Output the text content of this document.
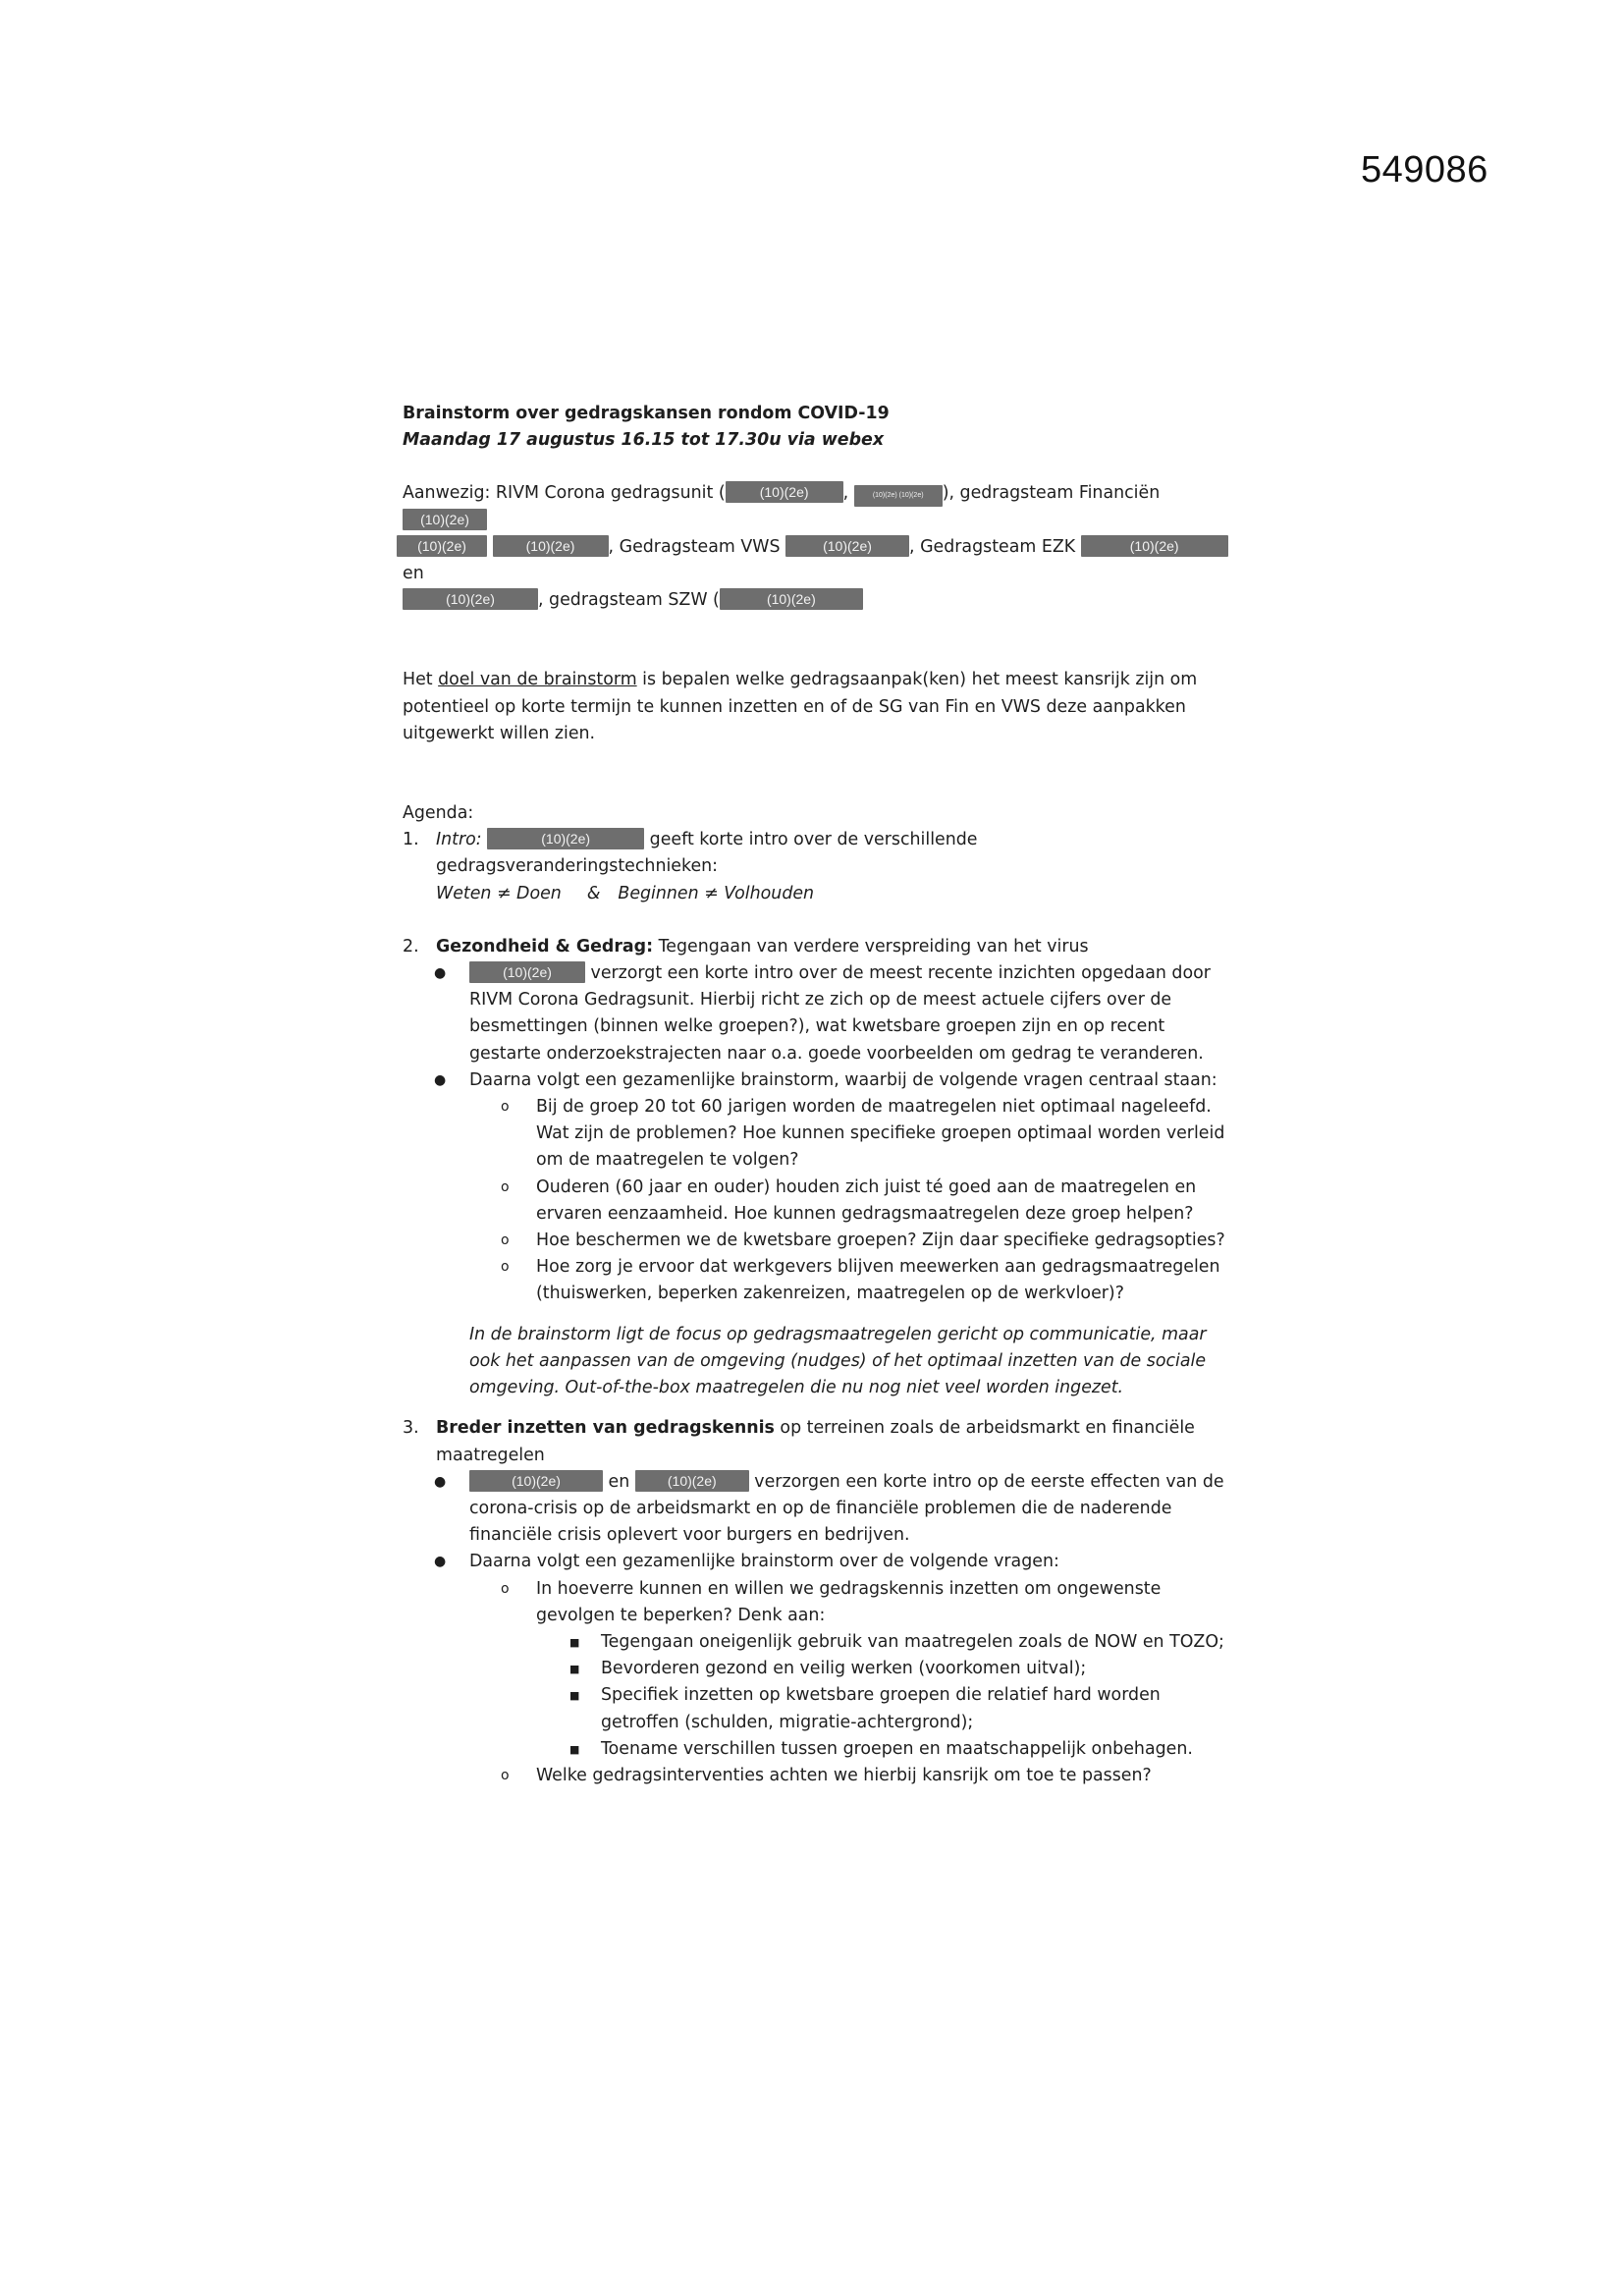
549086
Brainstorm over gedragskansen rondom COVID-19
Maandag 17 augustus 16.15 tot 17.30u via webex
Aanwezig: RIVM Corona gedragsunit (	(10)(2e) ,	(10)(2e) (10)(2e) ), gedragsteam Financiën (10)(2e)
(10)(2e)	(10)(2e) , Gedragsteam VWS	(10)(2e) , Gedragsteam EZK	(10)(2e) en
(10)(2e)	, gedragsteam SZW (	(10)(2e)
Het doel van de brainstorm is bepalen welke gedragsaanpak(ken) het meest kansrijk zijn om potentieel op korte termijn te kunnen inzetten en of de SG van Fin en VWS deze aanpakken uitgewerkt willen zien.
Agenda:
1. Intro:	(10)(2e)	geeft korte intro over de verschillende gedragsveranderingstechnieken:
Weten ≠ Doen & Beginnen ≠ Volhouden
2. Gezondheid & Gedrag: Tegengaan van verdere verspreiding van het virus
●	(10)(2e) verzorgt een korte intro over de meest recente inzichten opgedaan door RIVM Corona Gedragsunit. Hierbij richt ze zich op de meest actuele cijfers over de besmettingen (binnen welke groepen?), wat kwetsbare groepen zijn en op recent gestarte onderzoekstrajecten naar o.a. goede voorbeelden om gedrag te veranderen.
● Daarna volgt een gezamenlijke brainstorm, waarbij de volgende vragen centraal staan:
o Bij de groep 20 tot 60 jarigen worden de maatregelen niet optimaal nageleefd. Wat zijn de problemen? Hoe kunnen specifieke groepen optimaal worden verleid om de maatregelen te volgen?
o Ouderen (60 jaar en ouder) houden zich juist té goed aan de maatregelen en ervaren eenzaamheid. Hoe kunnen gedragsmaatregelen deze groep helpen?
o Hoe beschermen we de kwetsbare groepen? Zijn daar specifieke gedragsopties?
o Hoe zorg je ervoor dat werkgevers blijven meewerken aan gedragsmaatregelen (thuiswerken, beperken zakenreizen, maatregelen op de werkvloer)?
In de brainstorm ligt de focus op gedragsmaatregelen gericht op communicatie, maar ook het aanpassen van de omgeving (nudges) of het optimaal inzetten van de sociale omgeving. Out-of-the-box maatregelen die nu nog niet veel worden ingezet.
3. Breder inzetten van gedragskennis op terreinen zoals de arbeidsmarkt en financiële maatregelen
●	(10)(2e) en (10)(2e) verzorgen een korte intro op de eerste effecten van de corona-crisis op de arbeidsmarkt en op de financiële problemen die de naderende financiële crisis oplevert voor burgers en bedrijven.
● Daarna volgt een gezamenlijke brainstorm over de volgende vragen:
o In hoeverre kunnen en willen we gedragskennis inzetten om ongewenste gevolgen te beperken? Denk aan:
■ Tegengaan oneigenlijk gebruik van maatregelen zoals de NOW en TOZO;
■ Bevorderen gezond en veilig werken (voorkomen uitval);
■ Specifiek inzetten op kwetsbare groepen die relatief hard worden getroffen (schulden, migratie-achtergrond);
■ Toename verschillen tussen groepen en maatschappelijk onbehagen.
o Welke gedragsinterventies achten we hierbij kansrijk om toe te passen?
